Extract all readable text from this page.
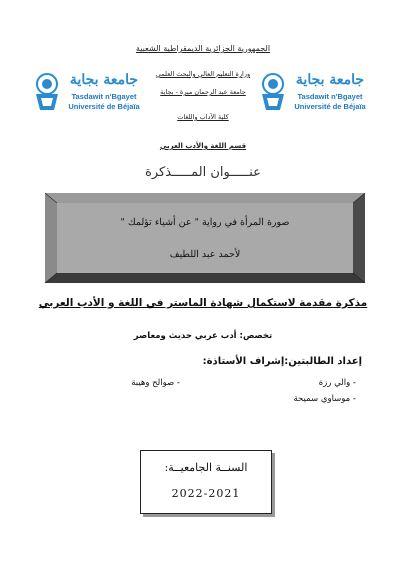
الجمهورية الجزائرية الديمقراطية الشعبية
وزارة التعليم العالي والبحث العلمي
جامعة عبد الرحمان ميرة - بجاية
كلية الآداب واللغات
قسم اللغة والأدب العربي
جامعة بجاية
Tasdawit n'Bgayet
Université de Béjaïa
جامعة بجاية
Tasdawit n'Bgayet
Université de Béjaïa
عنـــــوان المـــــذكرة
صورة المرأة في رواية " عن أشياء تؤلمك "
لأحمد عبد اللطيف
مذكرة مقدمة لاستكمال شهادة الماستر في اللغة و الأدب العربي
تخصص: أدب عربي حديث ومعاصر
إعداد الطالبتين:إشراف الأستاذة:
- والي رزة
- موساوي سميحة
- صوالح وهيبة
السنــة الجامعيــة:
2022-2021
